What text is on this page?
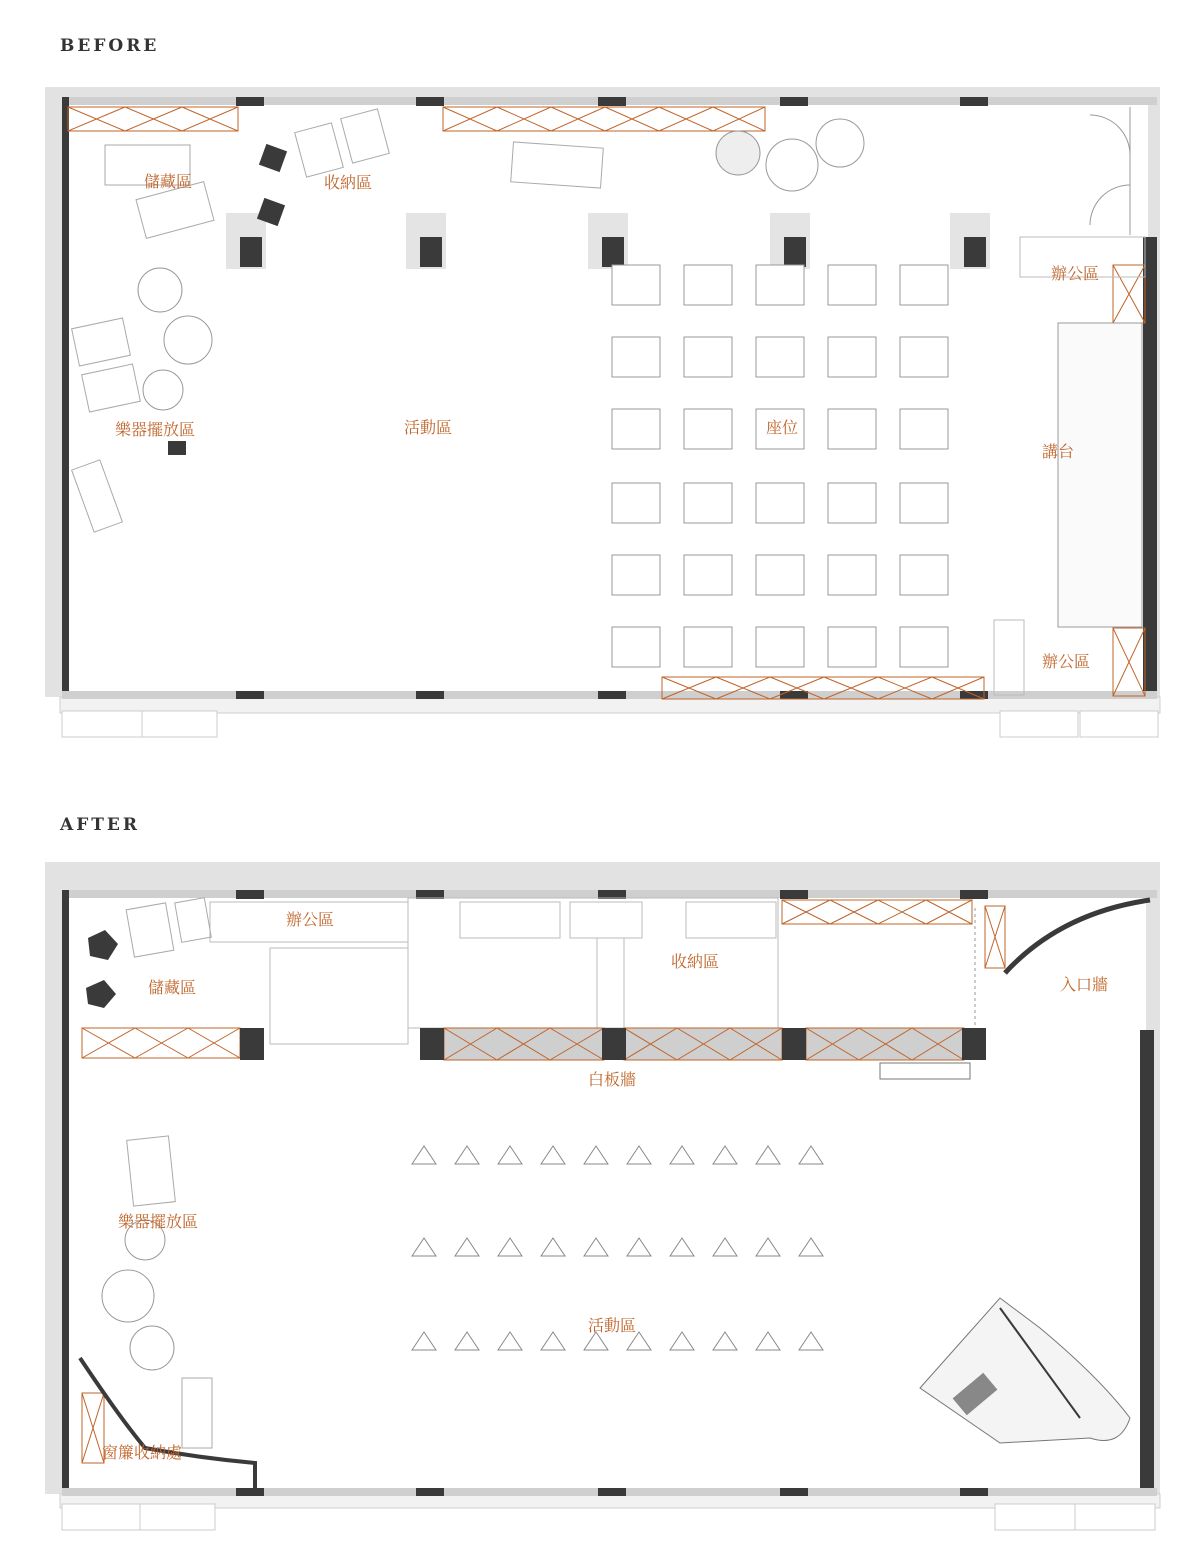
BEFORE
儲藏區	收納區
活動區	座位
辦公區
講台
辦公區
樂器擺放區
AFTER
辦公區
儲藏區
收納區
入口牆
白板牆
樂器擺放區
活動區
窗簾收納處
